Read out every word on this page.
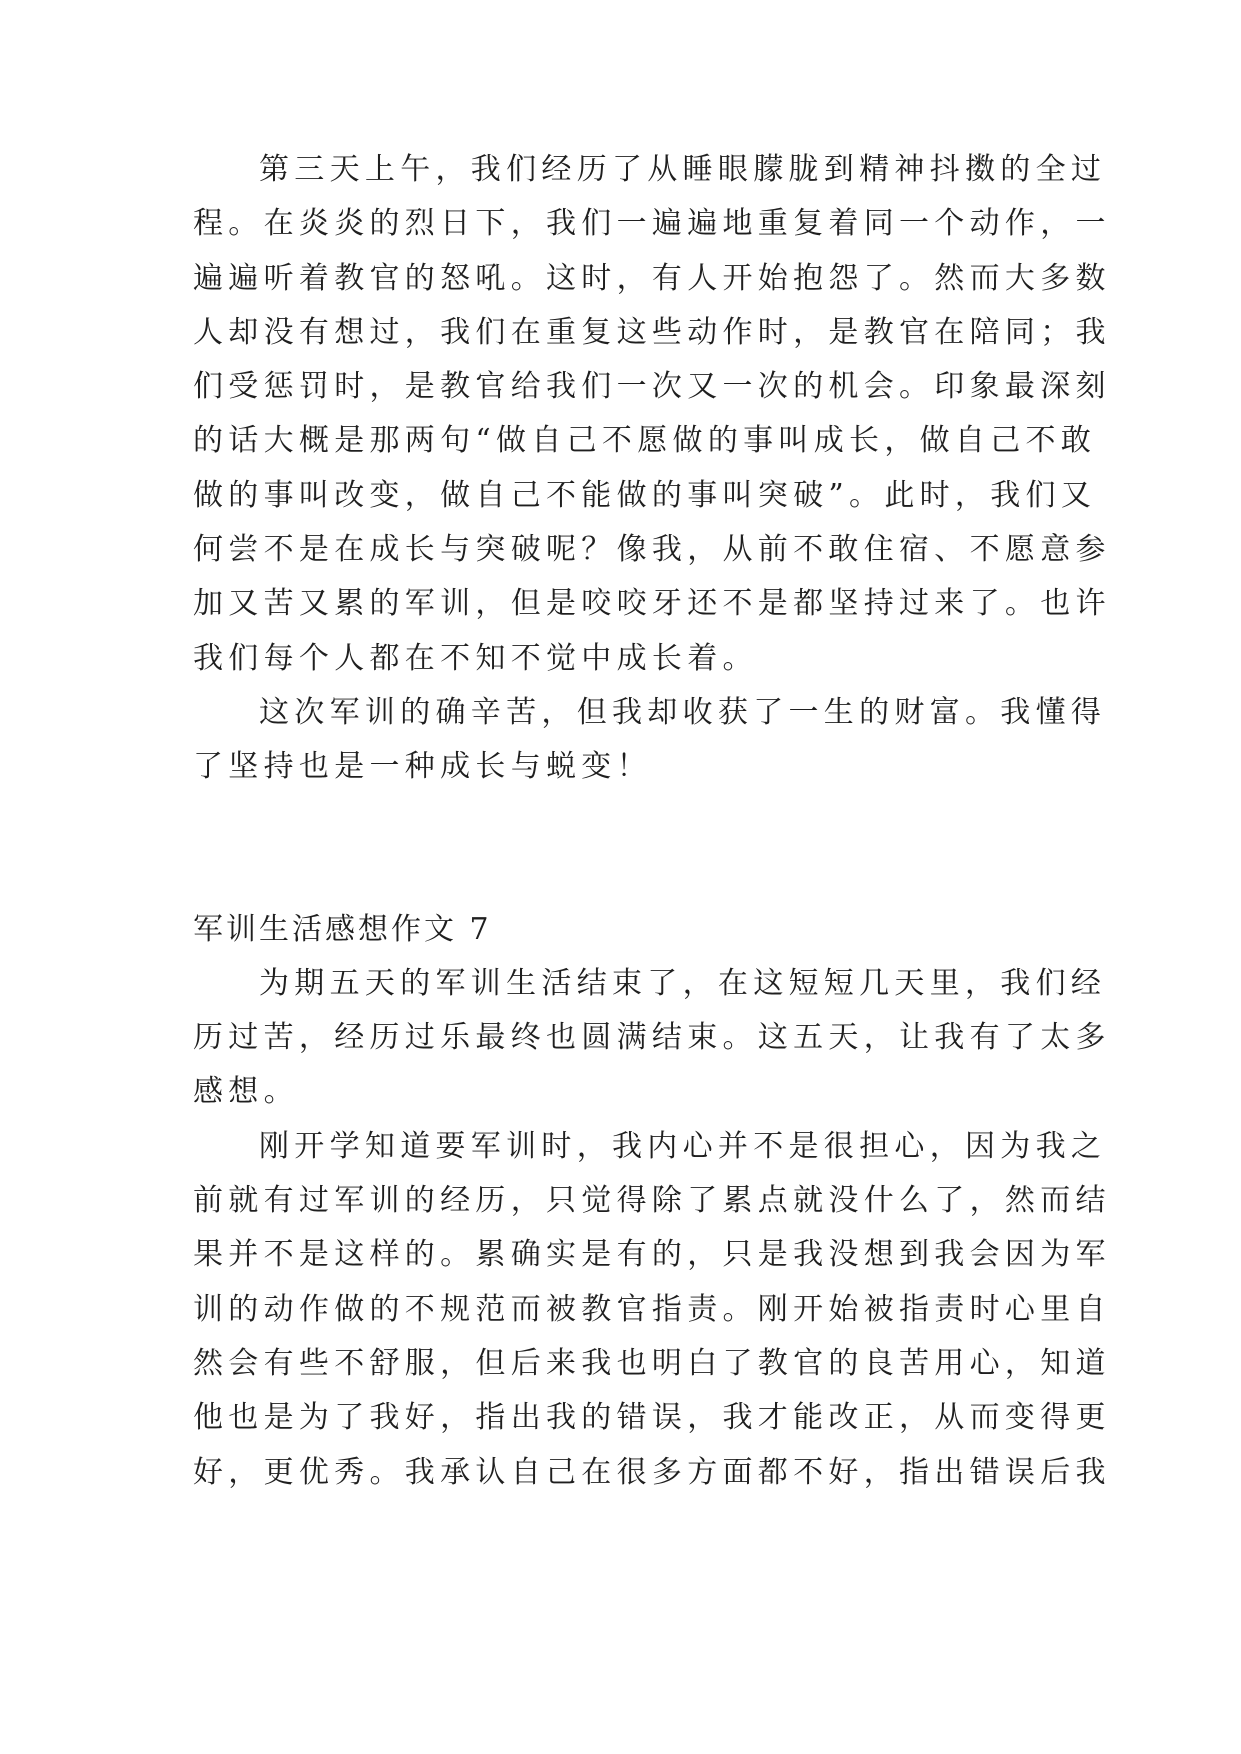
第三天上午，我们经历了从睡眼朦胧到精神抖擞的全过
程。在炎炎的烈日下，我们一遍遍地重复着同一个动作，一
遍遍听着教官的怒吼。这时，有人开始抱怨了。然而大多数
人却没有想过，我们在重复这些动作时，是教官在陪同；我
们受惩罚时，是教官给我们一次又一次的机会。印象最深刻
的话大概是那两句“做自己不愿做的事叫成长，做自己不敢
做的事叫改变，做自己不能做的事叫突破”。此时，我们又
何尝不是在成长与突破呢？像我，从前不敢住宿、不愿意参
加又苦又累的军训，但是咬咬牙还不是都坚持过来了。也许
我们每个人都在不知不觉中成长着。
这次军训的确辛苦，但我却收获了一生的财富。我懂得
了坚持也是一种成长与蜕变！
军训生活感想作文 7
为期五天的军训生活结束了，在这短短几天里，我们经
历过苦，经历过乐最终也圆满结束。这五天，让我有了太多
感想。
刚开学知道要军训时，我内心并不是很担心，因为我之
前就有过军训的经历，只觉得除了累点就没什么了，然而结
果并不是这样的。累确实是有的，只是我没想到我会因为军
训的动作做的不规范而被教官指责。刚开始被指责时心里自
然会有些不舒服，但后来我也明白了教官的良苦用心，知道
他也是为了我好，指出我的错误，我才能改正，从而变得更
好，更优秀。我承认自己在很多方面都不好，指出错误后我
